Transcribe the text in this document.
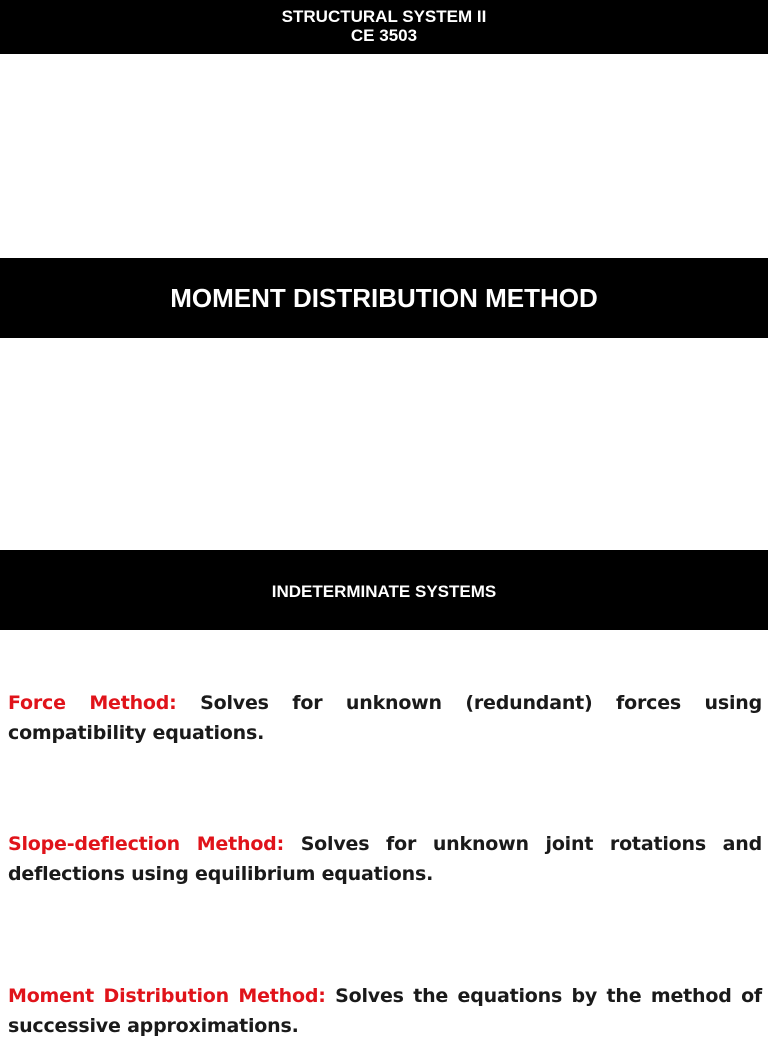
STRUCTURAL SYSTEM II
CE 3503
MOMENT DISTRIBUTION METHOD
INDETERMINATE SYSTEMS

Force Method: Solves for unknown (redundant) forces using compatibility equations.

Slope-deflection Method: Solves for unknown joint rotations and deflections using equilibrium equations.

Moment Distribution Method: Solves the equations by the method of successive approximations.
